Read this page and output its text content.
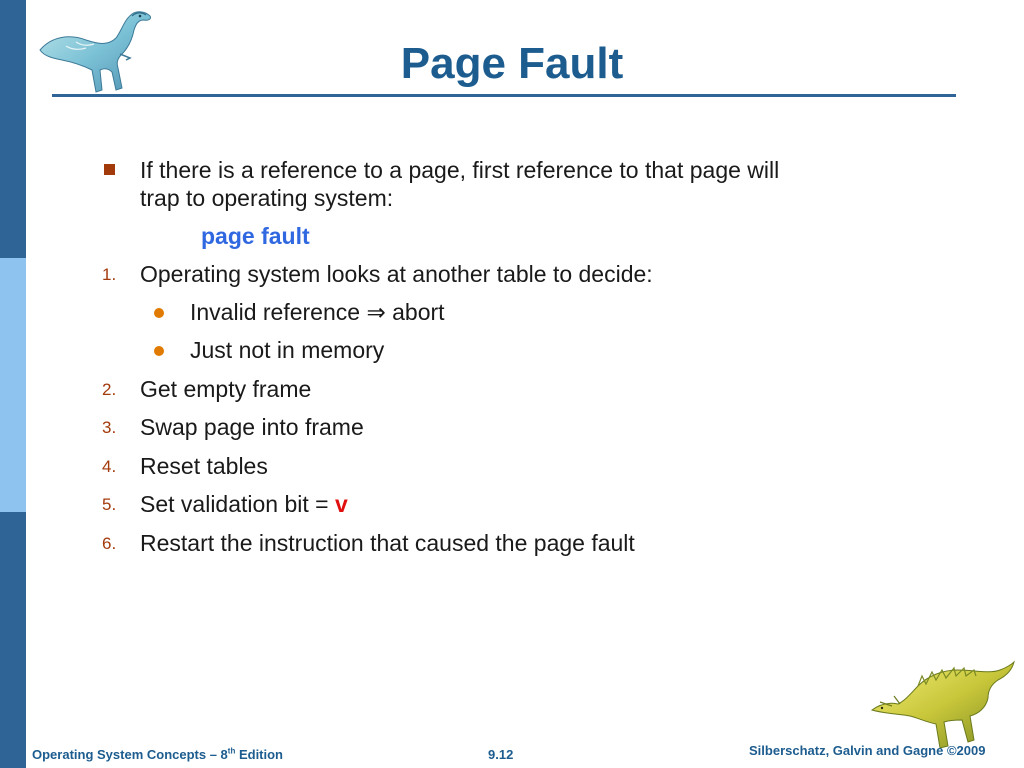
Page Fault
If there is a reference to a page, first reference to that page will
trap to operating system:
page fault
1. Operating system looks at another table to decide:
Invalid reference ⇒ abort
Just not in memory
2. Get empty frame
3. Swap page into frame
4. Reset tables
5. Set validation bit = v
6. Restart the instruction that caused the page fault
Operating System Concepts – 8th Edition	9.12	Silberschatz, Galvin and Gagne ©2009
